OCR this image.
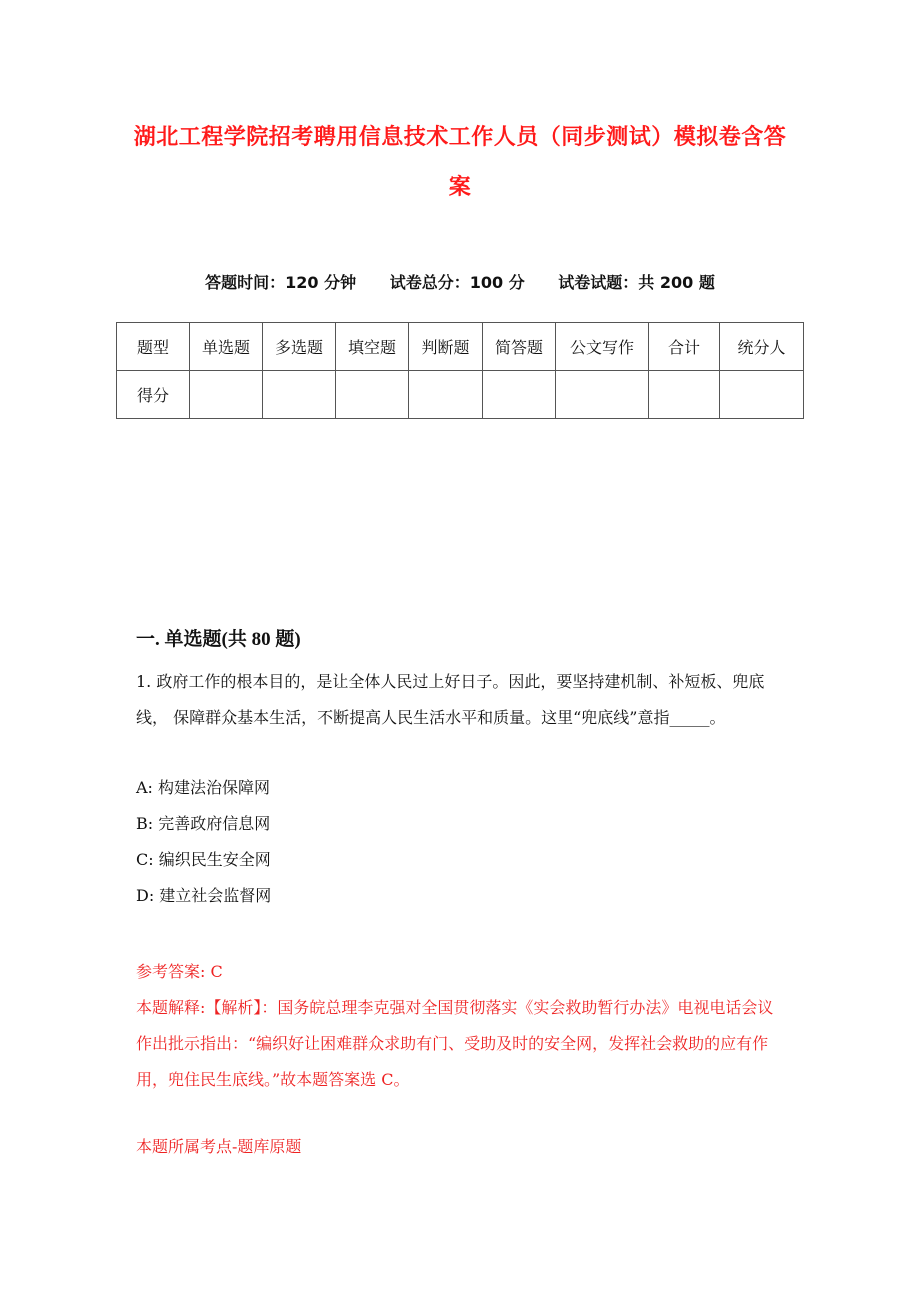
湖北工程学院招考聘用信息技术工作人员（同步测试）模拟卷含答
案
答题时间：120 分钟 试卷总分：100 分 试卷试题：共 200 题
题型	单选题	多选题	填空题	判断题	简答题	公文写作	合计	统分人
得分								
一. 单选题(共 80 题)
1. 政府工作的根本目的，是让全体人民过上好日子。因此，要坚持建机制、补短板、兜底线， 保障群众基本生活，不断提高人民生活水平和质量。这里“兜底线”意指_____。
A: 构建法治保障网
B: 完善政府信息网
C: 编织民生安全网
D: 建立社会监督网
参考答案: C
本题解释:【解析】：国务皖总理李克强对全国贯彻落实《实会救助暂行办法》电视电话会议作出批示指出：“编织好让困难群众求助有门、受助及时的安全网，发挥社会救助的应有作用，兜住民生底线。”故本题答案选 C。
本题所属考点-题库原题
